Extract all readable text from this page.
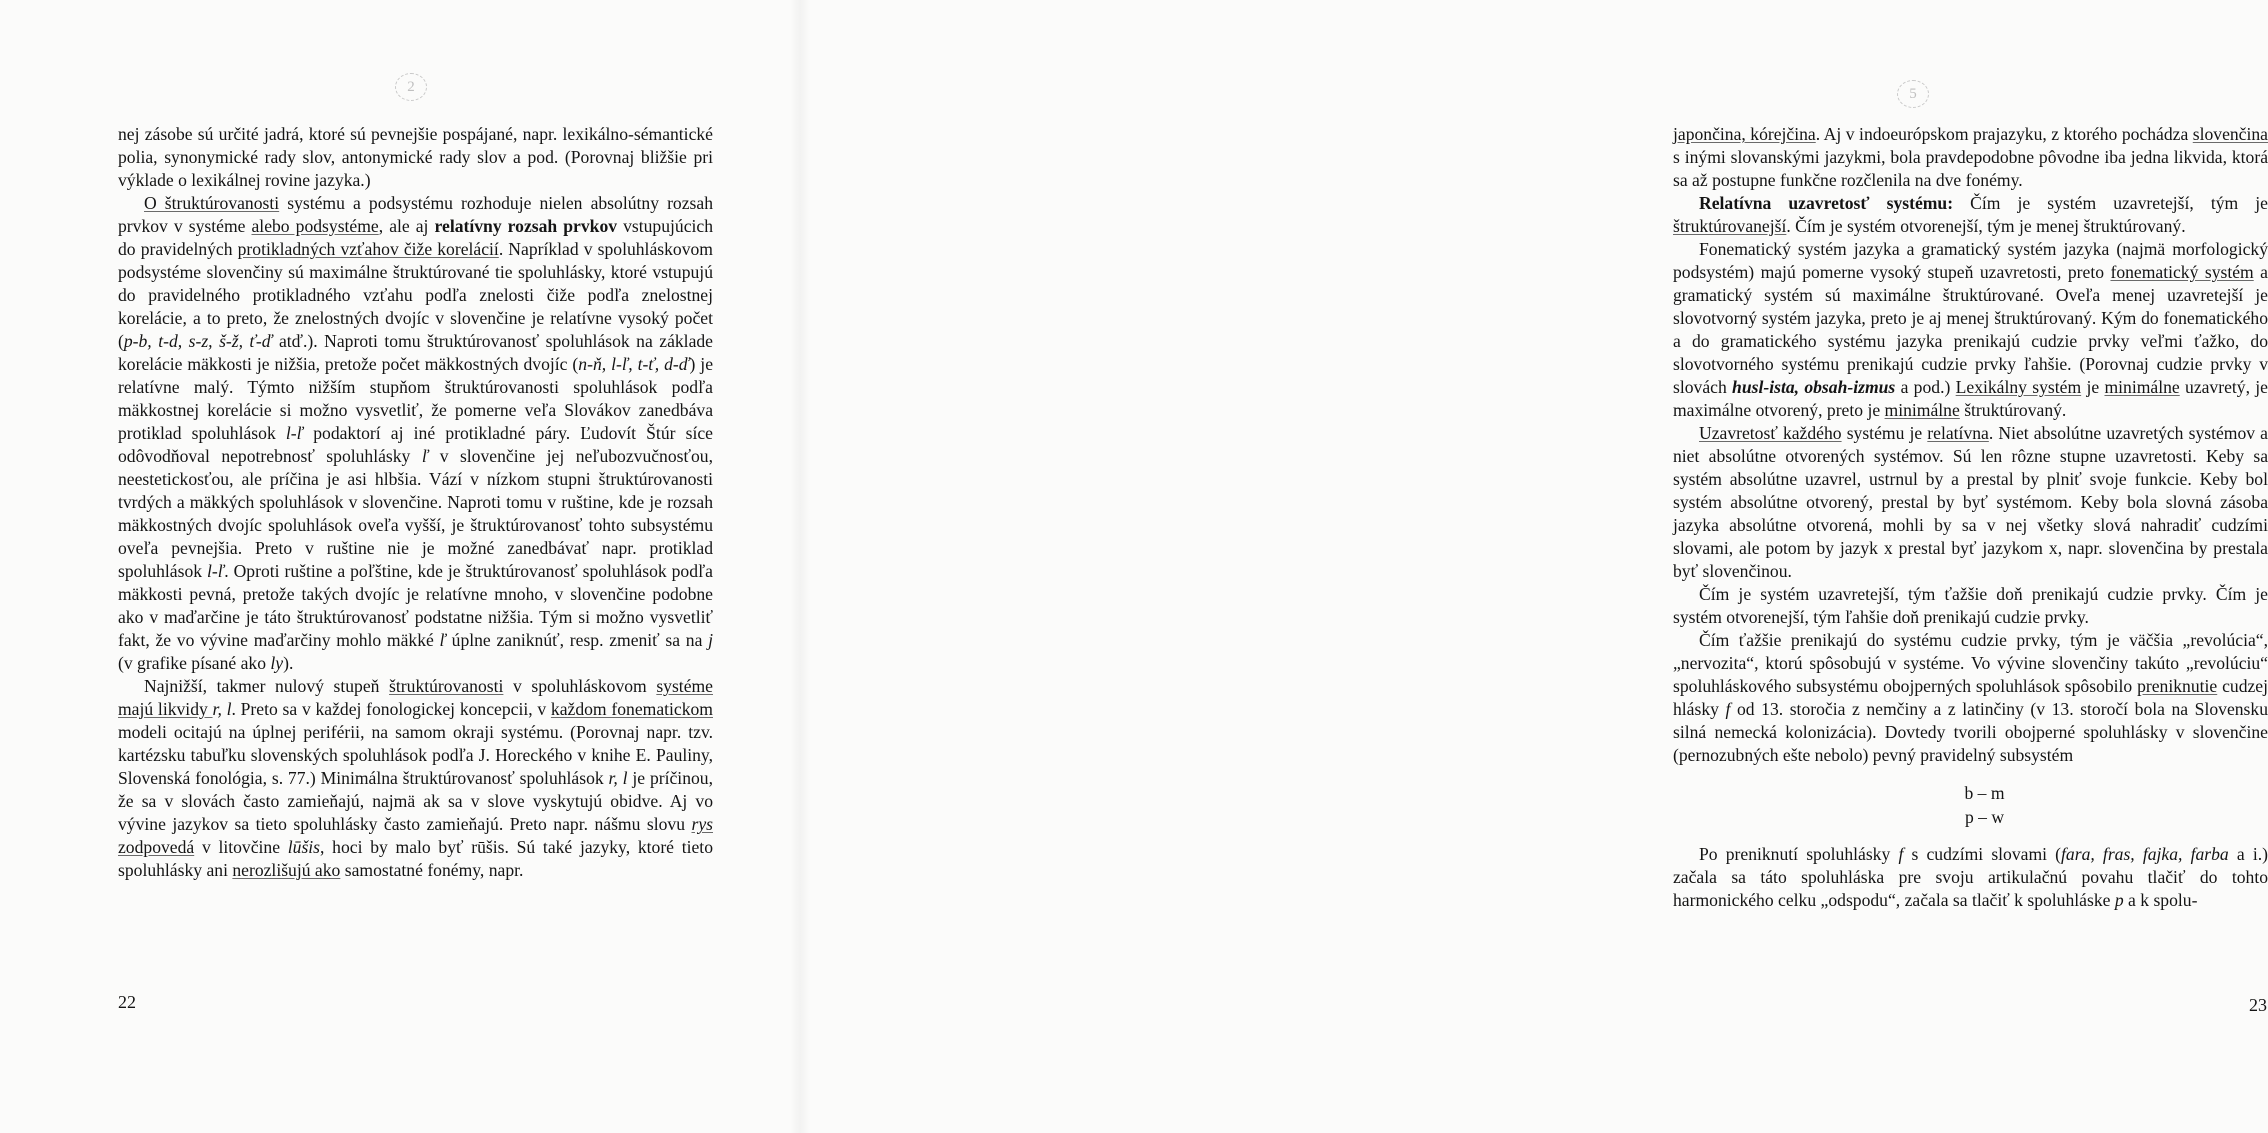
2

nej zásobe sú určité jadrá, ktoré sú pevnejšie pospájané, napr. lexikálno-sémantické polia, synonymické rady slov, antonymické rady slov a pod. (Porovnaj bližšie pri výklade o lexikálnej rovine jazyka.)

O štruktúrovanosti systému a podsystému rozhoduje nielen absolútny rozsah prvkov v systéme alebo podsystéme, ale aj relatívny rozsah prvkov vstupujúcich do pravidelných protikladných vzťahov čiže korelácií. Napríklad v spoluhláskovom podsystéme slovenčiny sú maximálne štruktúrované tie spoluhlásky, ktoré vstupujú do pravidelného protikladného vzťahu podľa znelosti čiže podľa znelostnej korelácie, a to preto, že znelostných dvojíc v slovenčine je relatívne vysoký počet (p-b, t-d, s-z, š-ž, ť-ď atď.). Naproti tomu štruktúrovanosť spoluhlások na základe korelácie mäkkosti je nižšia, pretože počet mäkkostných dvojíc (n-ň, l-ľ, t-ť, d-ď) je relatívne malý. Týmto nižším stupňom štruktúrovanosti spoluhlások podľa mäkkostnej korelácie si možno vysvetliť, že pomerne veľa Slovákov zanedbáva protiklad spoluhlások l-ľ podaktorí aj iné protikladné páry. Ľudovít Štúr síce odôvodňoval nepotrebnosť spoluhlásky ľ v slovenčine jej neľubozvučnosťou, neestetickosťou, ale príčina je asi hlbšia. Vází v nízkom stupni štruktúrovanosti tvrdých a mäkkých spoluhlások v slovenčine. Naproti tomu v ruštine, kde je rozsah mäkkostných dvojíc spoluhlások oveľa vyšší, je štruktúrovanosť tohto subsystému oveľa pevnejšia. Preto v ruštine nie je možné zanedbávať napr. protiklad spoluhlások l-ľ. Oproti ruštine a poľštine, kde je štruktúrovanosť spoluhlások podľa mäkkosti pevná, pretože takých dvojíc je relatívne mnoho, v slovenčine podobne ako v maďarčine je táto štruktúrovanosť podstatne nižšia. Tým si možno vysvetliť fakt, že vo vývine maďarčiny mohlo mäkké ľ úplne zaniknúť, resp. zmeniť sa na j (v grafike písané ako ly).

Najnižší, takmer nulový stupeň štruktúrovanosti v spoluhláskovom systéme majú likvidy r, l. Preto sa v každej fonologickej koncepcii, v každom fonematickom modeli ocitajú na úplnej periférii, na samom okraji systému. (Porovnaj napr. tzv. kartézsku tabuľku slovenských spoluhlások podľa J. Horeckého v knihe E. Pauliny, Slovenská fonológia, s. 77.) Minimálna štruktúrovanosť spoluhlások r, l je príčinou, že sa v slovách často zamieňajú, najmä ak sa v slove vyskytujú obidve. Aj vo vývine jazykov sa tieto spoluhlásky často zamieňajú. Preto napr. nášmu slovu rys zodpovedá v litovčine lūšis, hoci by malo byť rūšis. Sú také jazyky, ktoré tieto spoluhlásky ani nerozlišujú ako samostatné fonémy, napr.

22
5

japončina, kórejčina. Aj v indoeurópskom prajazyku, z ktorého pochádza slovenčina s inými slovanskými jazykmi, bola pravdepodobne pôvodne iba jedna likvida, ktorá sa až postupne funkčne rozčlenila na dve fonémy.

Relatívna uzavretosť systému: Čím je systém uzavretejší, tým je štruktúrovanejší. Čím je systém otvorenejší, tým je menej štruktúrovaný.

Fonematický systém jazyka a gramatický systém jazyka (najmä morfologický podsystém) majú pomerne vysoký stupeň uzavretosti, preto fonematický systém a gramatický systém sú maximálne štruktúrované. Oveľa menej uzavretejší je slovotvorný systém jazyka, preto je aj menej štruktúrovaný. Kým do fonematického a do gramatického systému jazyka prenikajú cudzie prvky veľmi ťažko, do slovotvorného systému prenikajú cudzie prvky ľahšie. (Porovnaj cudzie prvky v slovách husl-ista, obsah-izmus a pod.) Lexikálny systém je minimálne uzavretý, je maximálne otvorený, preto je minimálne štruktúrovaný.

Uzavretosť každého systému je relatívna. Niet absolútne uzavretých systémov a niet absolútne otvorených systémov. Sú len rôzne stupne uzavretosti. Keby sa systém absolútne uzavrel, ustrnul by a prestal by plniť svoje funkcie. Keby bol systém absolútne otvorený, prestal by byť systémom. Keby bola slovná zásoba jazyka absolútne otvorená, mohli by sa v nej všetky slová nahradiť cudzími slovami, ale potom by jazyk x prestal byť jazykom x, napr. slovenčina by prestala byť slovenčinou.

Čím je systém uzavretejší, tým ťažšie doň prenikajú cudzie prvky. Čím je systém otvorenejší, tým ľahšie doň prenikajú cudzie prvky.

Čím ťažšie prenikajú do systému cudzie prvky, tým je väčšia „revolúcia“, „nervozita“, ktorú spôsobujú v systéme. Vo vývine slovenčiny takúto „revolúciu“ spoluhláskového subsystému obojperných spoluhlások spôsobilo preniknutie cudzej hlásky f od 13. storočia z nemčiny a z latinčiny (v 13. storočí bola na Slovensku silná nemecká kolonizácia). Dovtedy tvorili obojperné spoluhlásky v slovenčine (pernozubných ešte nebolo) pevný pravidelný subsystém

b – m
p – w

Po preniknutí spoluhlásky f s cudzími slovami (fara, fras, fajka, farba a i.) začala sa táto spoluhláska pre svoju artikulačnú povahu tlačiť do tohto harmonického celku „odspodu“, začala sa tlačiť k spoluhláske p a k spolu-

23
